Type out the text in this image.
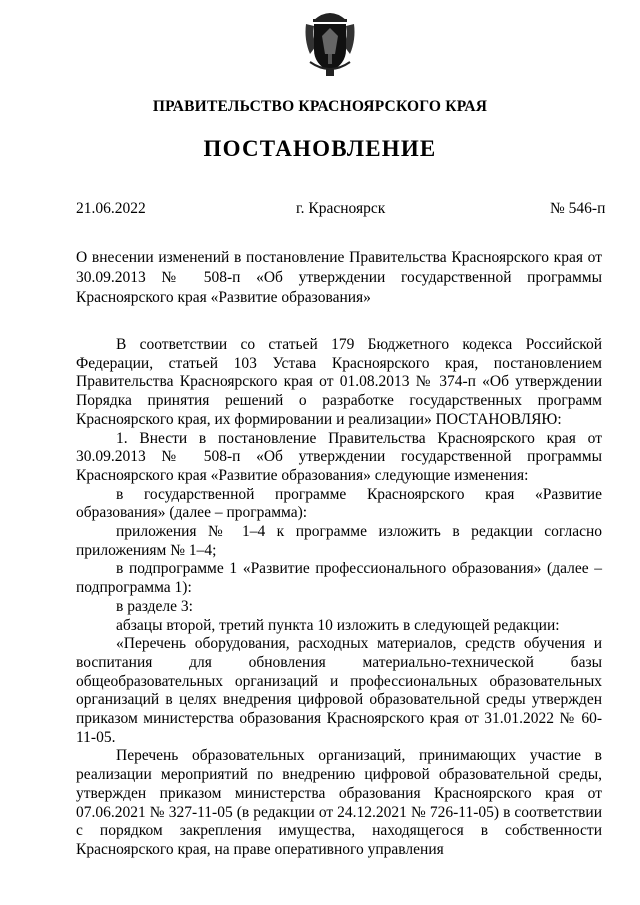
ПРАВИТЕЛЬСТВО КРАСНОЯРСКОГО КРАЯ
ПОСТАНОВЛЕНИЕ
21.06.2022	г. Красноярск	№ 546-п
О внесении изменений в постановление Правительства Красноярского края от 30.09.2013 № 508-п «Об утверждении государственной программы Красноярского края «Развитие образования»

В соответствии со статьей 179 Бюджетного кодекса Российской Федерации, статьей 103 Устава Красноярского края, постановлением Правительства Красноярского края от 01.08.2013 № 374-п «Об утверждении Порядка принятия решений о разработке государственных программ Красноярского края, их формировании и реализации» ПОСТАНОВЛЯЮ:

1. Внести в постановление Правительства Красноярского края от 30.09.2013 № 508-п «Об утверждении государственной программы Красноярского края «Развитие образования» следующие изменения:

в государственной программе Красноярского края «Развитие образования» (далее – программа):

приложения № 1–4 к программе изложить в редакции согласно приложениям № 1–4;

в подпрограмме 1 «Развитие профессионального образования» (далее – подпрограмма 1):

в разделе 3:

абзацы второй, третий пункта 10 изложить в следующей редакции:

«Перечень оборудования, расходных материалов, средств обучения и воспитания для обновления материально-технической базы общеобразовательных организаций и профессиональных образовательных организаций в целях внедрения цифровой образовательной среды утвержден приказом министерства образования Красноярского края от 31.01.2022 № 60-11-05.

Перечень образовательных организаций, принимающих участие в реализации мероприятий по внедрению цифровой образовательной среды, утвержден приказом министерства образования Красноярского края от 07.06.2021 № 327-11-05 (в редакции от 24.12.2021 № 726-11-05) в соответствии с порядком закрепления имущества, находящегося в собственности Красноярского края, на праве оперативного управления
